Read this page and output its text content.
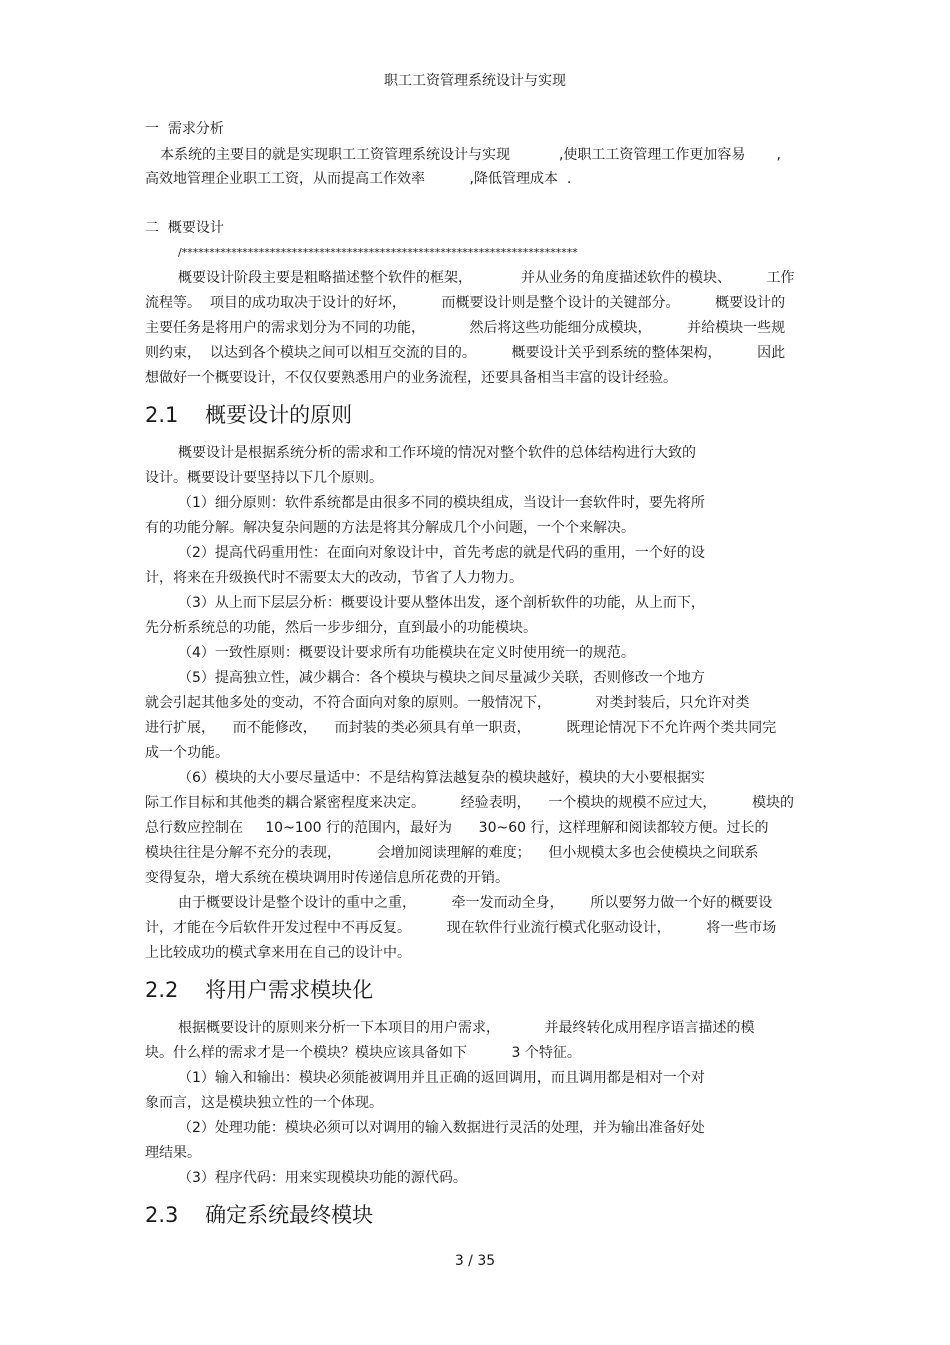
职工工资管理系统设计与实现
一  需求分析
本系统的主要目的就是实现职工工资管理系统设计与实现           ,使职工工资管理工作更加容易       ,
高效地管理企业职工工资，从而提高工作效率          ,降低管理成本  .
二  概要设计
/************************************************************************
概要设计阶段主要是粗略描述整个软件的框架，           并从业务的角度描述软件的模块、        工作
流程等。  项目的成功取决于设计的好坏，        而概要设计则是整个设计的关键部分。        概要设计的
主要任务是将用户的需求划分为不同的功能，          然后将这些功能细分成模块，        并给模块一些规
则约束，  以达到各个模块之间可以相互交流的目的。        概要设计关乎到系统的整体架构，        因此
想做好一个概要设计，不仅仅要熟悉用户的业务流程，还要具备相当丰富的设计经验。
2.1    概要设计的原则
概要设计是根据系统分析的需求和工作环境的情况对整个软件的总体结构进行大致的
设计。概要设计要坚持以下几个原则。
（1）细分原则：软件系统都是由很多不同的模块组成，当设计一套软件时，要先将所
有的功能分解。解决复杂问题的方法是将其分解成几个小问题，一个个来解决。
（2）提高代码重用性：在面向对象设计中，首先考虑的就是代码的重用，一个好的设
计，将来在升级换代时不需要太大的改动，节省了人力物力。
（3）从上而下层层分析：概要设计要从整体出发，逐个剖析软件的功能，从上而下，
先分析系统总的功能，然后一步步细分，直到最小的功能模块。
（4）一致性原则：概要设计要求所有功能模块在定义时使用统一的规范。
（5）提高独立性，减少耦合：各个模块与模块之间尽量减少关联，否则修改一个地方
就会引起其他多处的变动，不符合面向对象的原则。一般情况下，          对类封装后，只允许对类
进行扩展，    而不能修改，    而封装的类必须具有单一职责，        既理论情况下不允许两个类共同完
成一个功能。
（6）模块的大小要尽量适中：不是结构算法越复杂的模块越好，模块的大小要根据实
际工作目标和其他类的耦合紧密程度来决定。        经验表明，    一个模块的规模不应过大，        模块的
总行数应控制在     10~100 行的范围内，最好为      30~60 行，这样理解和阅读都较方便。过长的
模块往往是分解不充分的表现，        会增加阅读理解的难度；    但小规模太多也会使模块之间联系
变得复杂，增大系统在模块调用时传递信息所花费的开销。
由于概要设计是整个设计的重中之重，        牵一发而动全身，      所以要努力做一个好的概要设
计，才能在今后软件开发过程中不再反复。        现在软件行业流行模式化驱动设计，        将一些市场
上比较成功的模式拿来用在自己的设计中。
2.2    将用户需求模块化
根据概要设计的原则来分析一下本项目的用户需求，          并最终转化成用程序语言描述的模
块。什么样的需求才是一个模块？模块应该具备如下          3 个特征。
（1）输入和输出：模块必须能被调用并且正确的返回调用，而且调用都是相对一个对
象而言，这是模块独立性的一个体现。
（2）处理功能：模块必须可以对调用的输入数据进行灵活的处理，并为输出准备好处
理结果。
（3）程序代码：用来实现模块功能的源代码。
2.3    确定系统最终模块
3 / 35
